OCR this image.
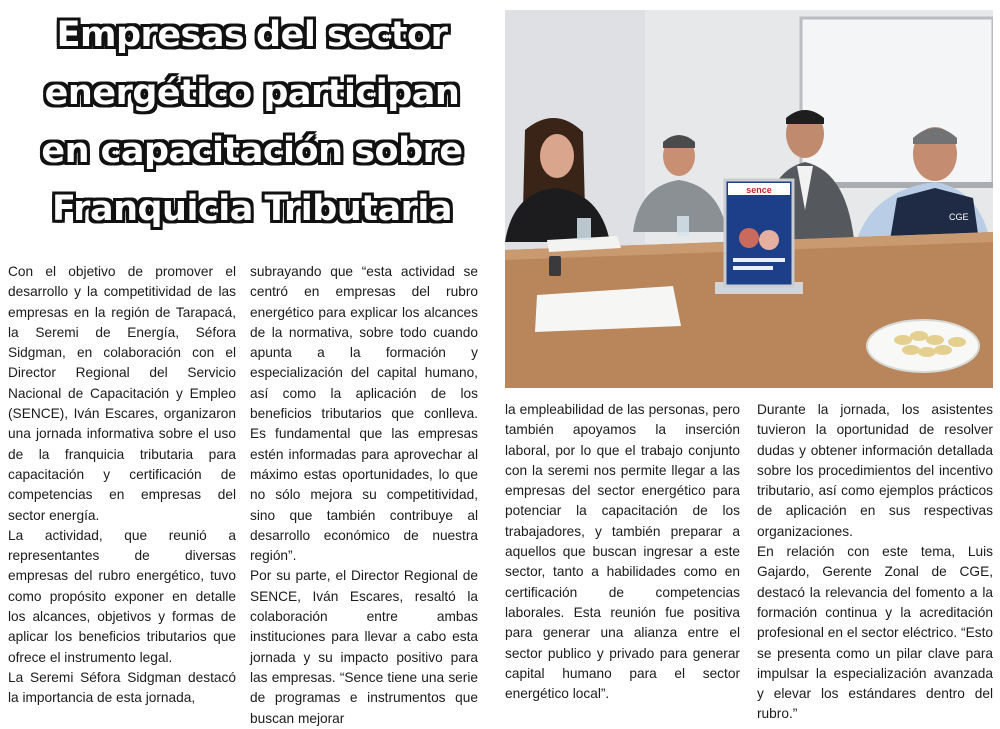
Empresas del sector
energético participan
en capacitación sobre
Franquicia Tributaria

Con el objetivo de promover el desarrollo y la competitividad de las empresas en la región de Tarapacá, la Seremi de Energía, Séfora Sidgman, en colaboración con el Director Regional del Servicio Nacional de Capacitación y Empleo (SENCE), Iván Escares, organizaron una jornada informativa sobre el uso de la franquicia tributaria para capacitación y certificación de competencias en empresas del sector energía.

La actividad, que reunió a representantes de diversas empresas del rubro energético, tuvo como propósito exponer en detalle los alcances, objetivos y formas de aplicar los beneficios tributarios que ofrece el instrumento legal.

La Seremi Séfora Sidgman destacó la importancia de esta jornada,

subrayando que “esta actividad se centró en empresas del rubro energético para explicar los alcances de la normativa, sobre todo cuando apunta a la formación y especialización del capital humano, así como la aplicación de los beneficios tributarios que conlleva. Es fundamental que las empresas estén informadas para aprovechar al máximo estas oportunidades, lo que no sólo mejora su competitividad, sino que también contribuye al desarrollo económico de nuestra región”.

Por su parte, el Director Regional de SENCE, Iván Escares, resaltó la colaboración entre ambas instituciones para llevar a cabo esta jornada y su impacto positivo para las empresas. “Sence tiene una serie de programas e instrumentos que buscan mejorar

la empleabilidad de las personas, pero también apoyamos la inserción laboral, por lo que el trabajo conjunto con la seremi nos permite llegar a las empresas del sector energético para potenciar la capacitación de los trabajadores, y también preparar a aquellos que buscan ingresar a este sector, tanto a habilidades como en certificación de competencias laborales. Esta reunión fue positiva para generar una alianza entre el sector publico y privado para generar capital humano para el sector energético local”.

Durante la jornada, los asistentes tuvieron la oportunidad de resolver dudas y obtener información detallada sobre los procedimientos del incentivo tributario, así como ejemplos prácticos de aplicación en sus respectivas organizaciones.

En relación con este tema, Luis Gajardo, Gerente Zonal de CGE, destacó la relevancia del fomento a la formación continua y la acreditación profesional en el sector eléctrico. “Esto se presenta como un pilar clave para impulsar la especialización avanzada y elevar los estándares dentro del rubro.”

CGE
sence
